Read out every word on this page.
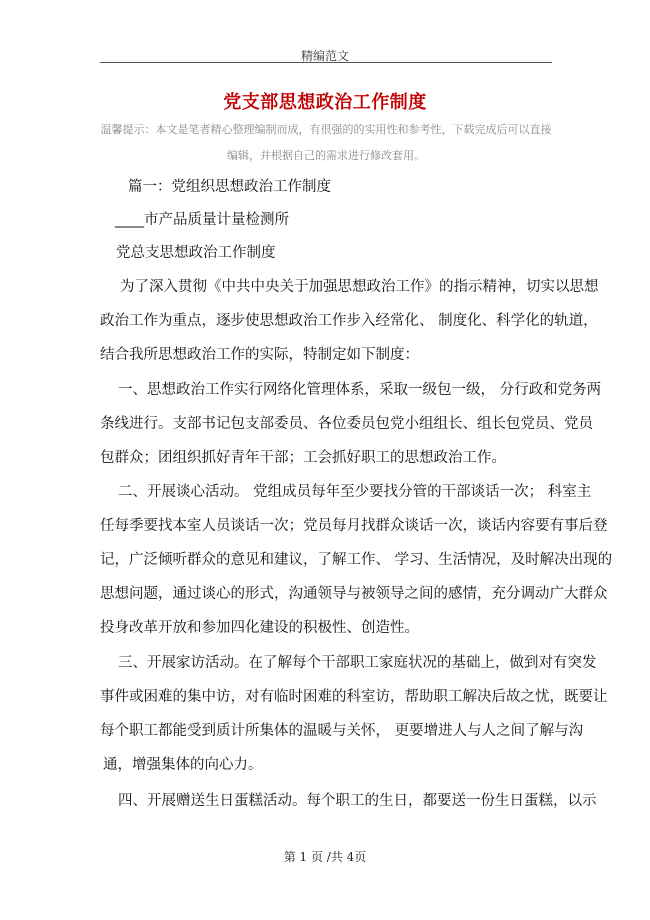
精编范文
党支部思想政治工作制度
温馨提示：本文是笔者精心整理编制而成，有很强的的实用性和参考性，下载完成后可以直接
编辑，并根据自己的需求进行修改套用。
篇一：党组织思想政治工作制度
____市产品质量计量检测所
党总支思想政治工作制度
为了深入贯彻《中共中央关于加强思想政治工作》的指示精神，切实以思想
政治工作为重点，逐步使思想政治工作步入经常化、 制度化、科学化的轨道，
结合我所思想政治工作的实际，特制定如下制度：
一、思想政治工作实行网络化管理体系，采取一级包一级， 分行政和党务两
条线进行。支部书记包支部委员、各位委员包党小组组长、组长包党员、党员
包群众；团组织抓好青年干部；工会抓好职工的思想政治工作。
二、开展谈心活动。 党组成员每年至少要找分管的干部谈话一次； 科室主
任每季要找本室人员谈话一次；党员每月找群众谈话一次，谈话内容要有事后登
记，广泛倾听群众的意见和建议，了解工作、 学习、生活情况，及时解决出现的
思想问题，通过谈心的形式，沟通领导与被领导之间的感情，充分调动广大群众
投身改革开放和参加四化建设的积极性、创造性。
三、开展家访活动。在了解每个干部职工家庭状况的基础上，做到对有突发
事件或困难的集中访，对有临时困难的科室访，帮助职工解决后故之忧，既要让
每个职工都能受到质计所集体的温暖与关怀， 更要增进人与人之间了解与沟
通，增强集体的向心力。
四、开展赠送生日蛋糕活动。每个职工的生日，都要送一份生日蛋糕，以示
第 1 页 /共 4页
